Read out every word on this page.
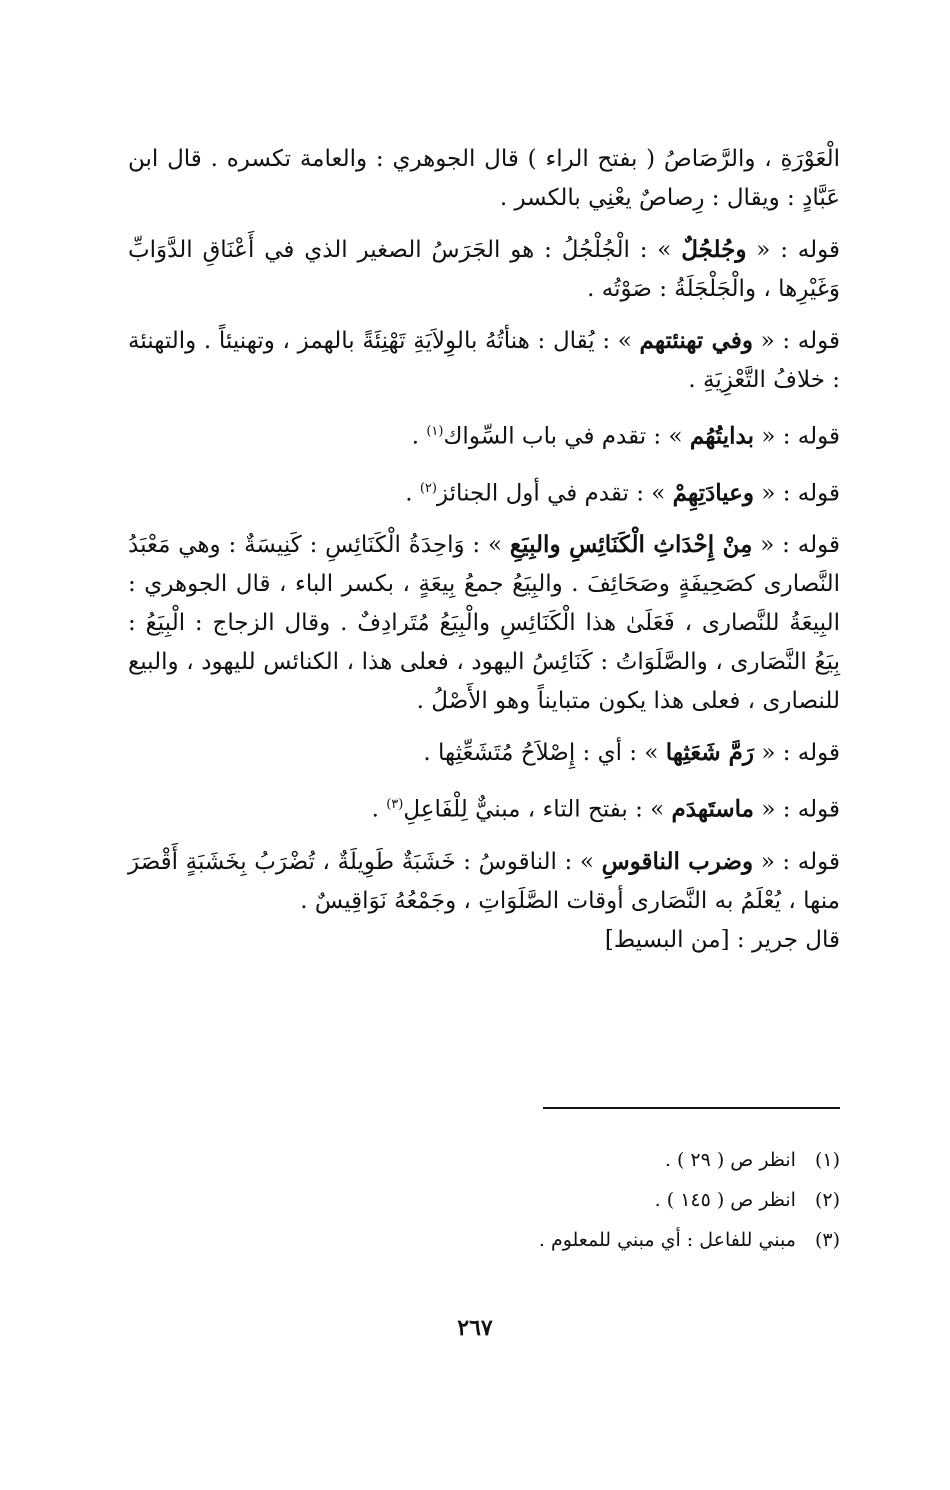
الْعَوْرَةِ ، والرَّصَاصُ ( بفتح الراء ) قال الجوهري : والعامة تكسره . قال ابن عَبَّادٍ : ويقال : رِصاصٌ يعْنِي بالكسر .

قوله : « وجُلجُلٌ » : الْجُلْجُلُ : هو الجَرَسُ الصغير الذي في أَعْنَاقِ الدَّوَابِّ وَغَيْرِها ، والْجَلْجَلَةُ : صَوْتُه .

قوله : « وفي تهنئتهم » : يُقال : هنأتُهُ بالوِلاَيَةِ تَهْنِئَةً بالهمز ، وتهنيئاً . والتهنئة : خلافُ التَّعْزِيَةِ .

قوله : « بدايتُهُم » : تقدم في باب السِّواك$^{(١)}$ .

قوله : « وعيادَتِهِمْ » : تقدم في أول الجنائز$^{(٢)}$ .

قوله : « مِنْ إِحْدَاثِ الْكَنَائِسِ والبِيَعِ » : وَاحِدَةُ الْكَنَائِسِ : كَنِيسَةٌ : وهي مَعْبَدُ النَّصارى كصَحِيفَةٍ وصَحَائِفَ . والبِيَعُ جمعُ بِيعَةٍ ، بكسر الباء ، قال الجوهري : البِيعَةُ للنَّصارى ، فَعَلَىٰ هذا الْكَنَائِسِ والْبِيَعُ مُتَرادِفٌ . وقال الزجاج : الْبِيَعُ : بِيَعُ النَّصَارى ، والصَّلَوَاتُ : كَنَائِسُ اليهود ، فعلى هذا ، الكنائس لليهود ، والبيع للنصارى ، فعلى هذا يكون متبايناً وهو الأَصْلُ .

قوله : « رَمَّ شَعَثِها » : أي : إِصْلاَحُ مُتَشَعِّثِها .

قوله : « ماستَهدَم » : بفتح التاء ، مبنيٌّ لِلْفَاعِلِ$^{(٣)}$ .

قوله : « وضرب الناقوسِ » : الناقوسُ : خَشَبَةٌ طَوِيلَةٌ ، تُضْرَبُ بِخَشَبَةٍ أَقْصَرَ منها ، يُعْلَمُ به النَّصَارى أوقات الصَّلَوَاتِ ، وجَمْعُهُ نَوَاقِيسٌ .

قال جرير : [من البسيط]

(١) انظر ص ( ٢٩ ) .
(٢) انظر ص ( ١٤٥ ) .
(٣) مبني للفاعل : أي مبني للمعلوم .
٢٦٧
